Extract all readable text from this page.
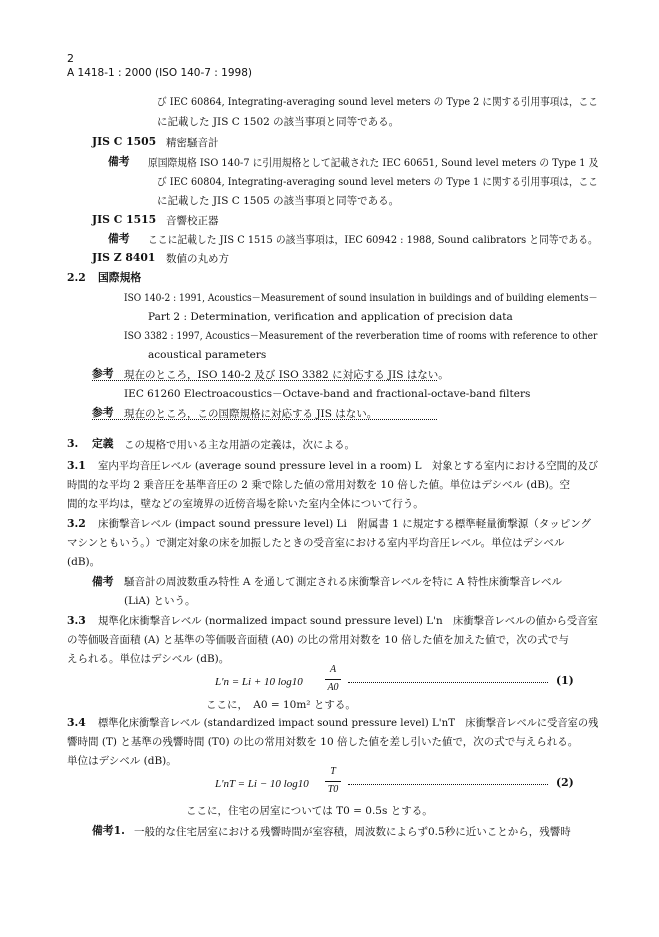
2
A 1418-1 : 2000 (ISO 140-7 : 1998)
び IEC 60864, Integrating-averaging sound level meters の Type 2 に関する引用事項は，ここ
に記載した JIS C 1502 の該当事項と同等である。
JIS C 1505 精密騒音計
備考 原国際規格 ISO 140-7 に引用規格として記載された IEC 60651, Sound level meters の Type 1 及
び IEC 60804, Integrating-averaging sound level meters の Type 1 に関する引用事項は，ここ
に記載した JIS C 1505 の該当事項と同等である。
JIS C 1515 音響校正器
備考 ここに記載した JIS C 1515 の該当事項は，IEC 60942 : 1988, Sound calibrators と同等である。
JIS Z 8401 数値の丸め方
2.2 国際規格
ISO 140-2 : 1991, Acoustics－Measurement of sound insulation in buildings and of building elements－
Part 2 : Determination, verification and application of precision data
ISO 3382 : 1997, Acoustics－Measurement of the reverberation time of rooms with reference to other
acoustical parameters
参考 現在のところ，ISO 140-2 及び ISO 3382 に対応する JIS はない。
IEC 61260 Electroacoustics－Octave-band and fractional-octave-band filters
参考 現在のところ，この国際規格に対応する JIS はない。
3. 定義 この規格で用いる主な用語の定義は，次による。
3.1 室内平均音圧レベル (average sound pressure level in a room) L　対象とする室内における空間的及び
時間的な平均 2 乗音圧を基準音圧の 2 乗で除した値の常用対数を 10 倍した値。単位はデシベル (dB)。空
間的な平均は，壁などの室境界の近傍音場を除いた室内全体について行う。
3.2 床衝撃音レベル (impact sound pressure level) Li　附属書 1 に規定する標準軽量衝撃源（タッピング
マシンともいう。）で測定対象の床を加振したときの受音室における室内平均音圧レベル。単位はデシベル
(dB)。
備考 騒音計の周波数重み特性 A を通して測定される床衝撃音レベルを特に A 特性床衝撃音レベル
(LiA) という。
3.3 規準化床衝撃音レベル (normalized impact sound pressure level) L'n　床衝撃音レベルの値から受音室
の等価吸音面積 (A) と基準の等価吸音面積 (A0) の比の常用対数を 10 倍した値を加えた値で，次の式で与
えられる。単位はデシベル (dB)。
L'n = Li + 10 log10
A
A0
(1)
ここに，　A0 = 10m² とする。
3.4 標準化床衝撃音レベル (standardized impact sound pressure level) L'nT　床衝撃音レベルに受音室の残
響時間 (T) と基準の残響時間 (T0) の比の常用対数を 10 倍した値を差し引いた値で，次の式で与えられる。
単位はデシベル (dB)。
L'nT = Li − 10 log10
T
T0
(2)
ここに，住宅の居室については T0 = 0.5s とする。
備考1. 一般的な住宅居室における残響時間が室容積，周波数によらず0.5秒に近いことから，残響時
